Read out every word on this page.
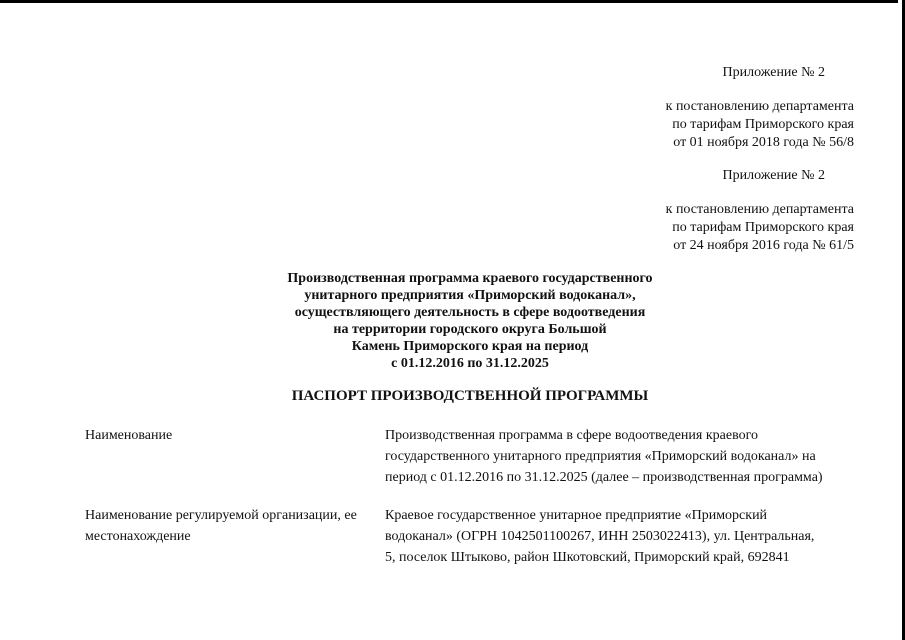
Приложение № 2
к постановлению департамента
по тарифам Приморского края
от 01 ноября 2018 года № 56/8
Приложение № 2
к постановлению департамента
по тарифам Приморского края
от 24 ноября 2016 года № 61/5
Производственная программа краевого государственного
унитарного предприятия «Приморский водоканал»,
осуществляющего деятельность в сфере водоотведения
на территории городского округа Большой
Камень Приморского края на период
с 01.12.2016 по 31.12.2025
ПАСПОРТ ПРОИЗВОДСТВЕННОЙ ПРОГРАММЫ
Наименование	Производственная программа в сфере водоотведения краевого
государственного унитарного предприятия «Приморский водоканал» на
период с 01.12.2016 по 31.12.2025 (далее – производственная программа)
Наименование регулируемой организации, ее
местонахождение
Краевое государственное унитарное предприятие «Приморский
водоканал» (ОГРН 1042501100267, ИНН 2503022413), ул. Центральная,
5, поселок Штыково, район Шкотовский, Приморский край, 692841
